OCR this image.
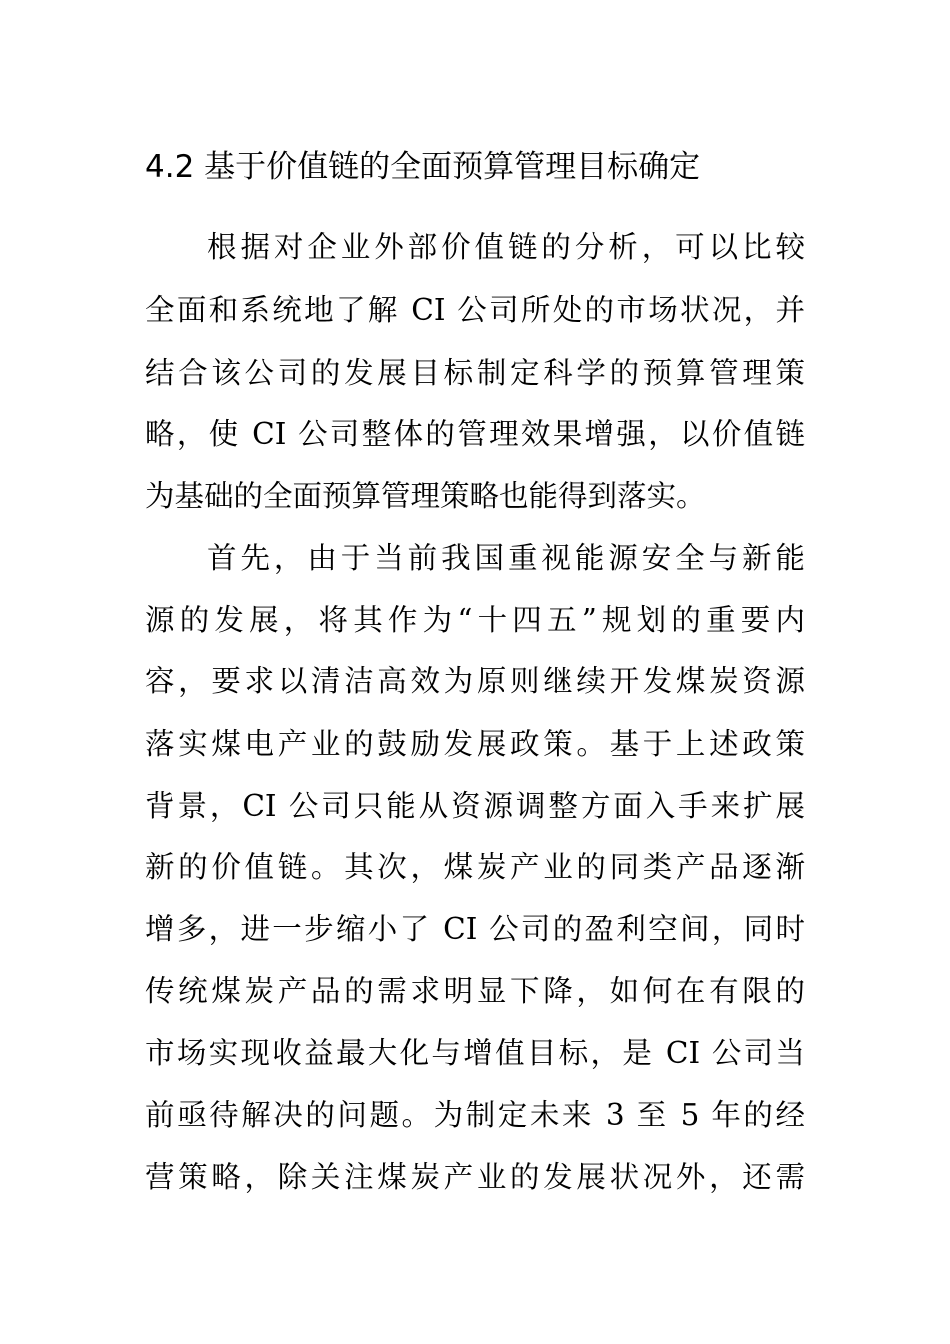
4.2 基于价值链的全面预算管理目标确定
根据对企业外部价值链的分析，可以比较
全面和系统地了解 CI 公司所处的市场状况，并
结合该公司的发展目标制定科学的预算管理策
略，使 CI 公司整体的管理效果增强，以价值链
为基础的全面预算管理策略也能得到落实。
首先，由于当前我国重视能源安全与新能
源的发展，将其作为“十四五”规划的重要内
容，要求以清洁高效为原则继续开发煤炭资源
落实煤电产业的鼓励发展政策。基于上述政策
背景，CI 公司只能从资源调整方面入手来扩展
新的价值链。其次，煤炭产业的同类产品逐渐
增多，进一步缩小了 CI 公司的盈利空间，同时
传统煤炭产品的需求明显下降，如何在有限的
市场实现收益最大化与增值目标，是 CI 公司当
前亟待解决的问题。为制定未来 3 至 5 年的经
营策略，除关注煤炭产业的发展状况外，还需
